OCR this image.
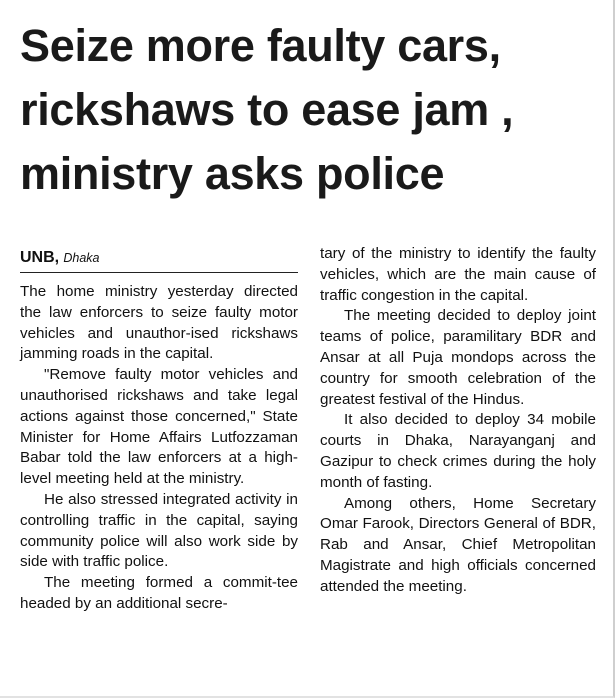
Seize more faulty cars,
rickshaws to ease jam ,
ministry asks police
UNB, Dhaka

The home ministry yesterday directed the law enforcers to seize faulty motor vehicles and unauthor-ised rickshaws jamming roads in the capital.

"Remove faulty motor vehicles and unauthorised rickshaws and take legal actions against those concerned," State Minister for Home Affairs Lutfozzaman Babar told the law enforcers at a high-level meeting held at the ministry.

He also stressed integrated activity in controlling traffic in the capital, saying community police will also work side by side with traffic police.

The meeting formed a commit-tee headed by an additional secre-

tary of the ministry to identify the faulty vehicles, which are the main cause of traffic congestion in the capital.

The meeting decided to deploy joint teams of police, paramilitary BDR and Ansar at all Puja mondops across the country for smooth celebration of the greatest festival of the Hindus.

It also decided to deploy 34 mobile courts in Dhaka, Narayanganj and Gazipur to check crimes during the holy month of fasting.

Among others, Home Secretary Omar Farook, Directors General of BDR, Rab and Ansar, Chief Metropolitan Magistrate and high officials concerned attended the meeting.
